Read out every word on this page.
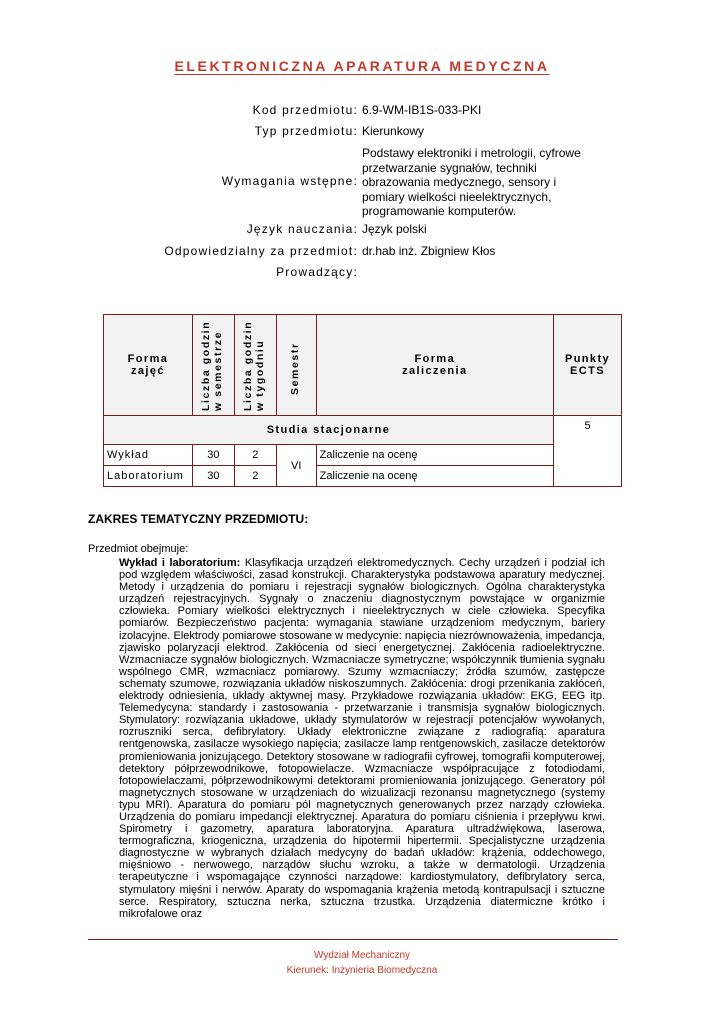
ELEKTRONICZNA APARATURA MEDYCZNA
Kod przedmiotu: 6.9-WM-IB1S-033-PKI
Typ przedmiotu: Kierunkowy
Wymagania wstępne:
Podstawy elektroniki i metrologii, cyfrowe przetwarzanie sygnałów, techniki obrazowania medycznego, sensory i pomiary wielkości nieelektrycznych, programowanie komputerów.
Język nauczania: Język polski
Odpowiedzialny za przedmiot: dr.hab inż. Zbigniew Kłos
Prowadzący:
Forma zajęć	Liczba godzin w semestrze	Liczba godzin w tygodniu	Semestr	Forma zaliczenia	Punkty ECTS

Studia stacjonarne					5
Wykład	30	2	VI	Zaliczenie na ocenę	
Laboratorium	30	2		Zaliczenie na ocenę	
ZAKRES TEMATYCZNY PRZEDMIOTU:
Przedmiot obejmuje:
Wykład i laboratorium: Klasyfikacja urządzeń elektromedycznych. Cechy urządzeń i podział ich pod względem właściwości, zasad konstrukcji. Charakterystyka podstawowa aparatury medycznej. Metody i urządzenia do pomiaru i rejestracji sygnałów biologicznych. Ogólna charakterystyka urządzeń rejestracyjnych. Sygnały o znaczeniu diagnostycznym powstające w organizmie człowieka. Pomiary wielkości elektrycznych i nieelektrycznych w ciele człowieka. Specyfika pomiarów. Bezpieczeństwo pacjenta: wymagania stawiane urządzeniom medycznym, bariery izolacyjne. Elektrody pomiarowe stosowane w medycynie: napięcia niezrównoważenia, impedancja, zjawisko polaryzacji elektrod. Zakłócenia od sieci energetycznej. Zakłócenia radioelektryczne. Wzmacniacze sygnałów biologicznych. Wzmacniacze symetryczne; współczynnik tłumienia sygnału wspólnego CMR, wzmacniacz pomiarowy. Szumy wzmacniaczy; źródła szumów, zastępcze schematy szumowe, rozwiązania układów niskoszumnych. Zakłócenia: drogi przenikania zakłóceń, elektrody odniesienia, układy aktywnej masy. Przykładowe rozwiązania układów: EKG, EEG itp. Telemedycyna: standardy i zastosowania - przetwarzanie i transmisja sygnałów biologicznych. Stymulatory: rozwiązania układowe, układy stymulatorów w rejestracji potencjałów wywołanych, rozruszniki serca, defibrylatory. Układy elektroniczne związane z radiografią: aparatura rentgenowska, zasilacze wysokiego napięcia; zasilacze lamp rentgenowskich, zasilacze detektorów promieniowania jonizującego. Detektory stosowane w radiografii cyfrowej, tomografii komputerowej, detektory półprzewodnikowe, fotopowielacze. Wzmacniacze współpracujące z fotodiodami, fotopowielaczami, półprzewodnikowymi detektorami promieniowania jonizującego. Generatory pól magnetycznych stosowane w urządzeniach do wizualizacji rezonansu magnetycznego (systemy typu MRI). Aparatura do pomiaru pól magnetycznych generowanych przez narządy człowieka. Urządzenia do pomiaru impedancji elektrycznej. Aparatura do pomiaru ciśnienia i przepływu krwi. Spirometry i gazometry, aparatura laboratoryjna. Aparatura ultradźwiękowa, laserowa, termograficzna, kriogeniczna, urządzenia do hipotermii hipertermii. Specjalistyczne urządzenia diagnostyczne w wybranych działach medycyny do badań układów: krążenia, oddechowego, mięśniowo - nerwowego, narządów słuchu wzroku, a także w dermatologii. Urządzenia terapeutyczne i wspomagające czynności narządowe: kardiostymulatory, defibrylatory serca, stymulatory mięśni i nerwów. Aparaty do wspomagania krążenia metodą kontrapulsacji i sztuczne serce. Respiratory, sztuczna nerka, sztuczna trzustka. Urządzenia diatermiczne krótko i mikrofalowe oraz
Wydział Mechaniczny
Kierunek: Inżynieria Biomedyczna
